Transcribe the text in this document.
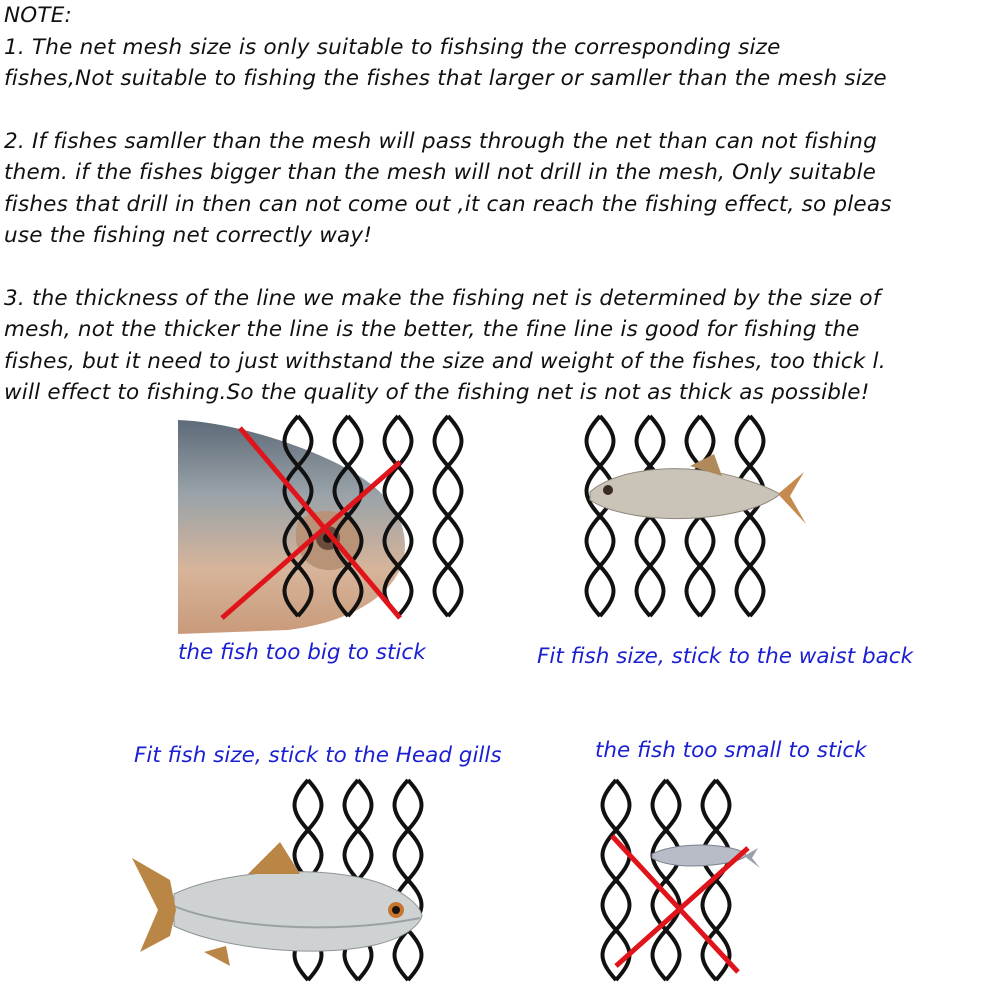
NOTE:
1. The net mesh size is only suitable to fishsing the corresponding size
fishes,Not suitable to fishing the fishes that larger or samller than the mesh size
2. If fishes samller than the mesh will pass through the net than can not fishing
them. if the fishes bigger than the mesh will not drill in the mesh, Only suitable
fishes that drill in then can not come out ,it can reach the fishing effect, so pleas
use the fishing net correctly way!
3. the thickness of the line we make the fishing net is determined by the size of
mesh, not the thicker the line is the better, the fine line is good for fishing the
fishes, but it need to just withstand the size and weight of the fishes, too thick l.
will effect to fishing.So the quality of the fishing net is not as thick as possible!
the fish too big to stick	Fit fish size, stick to the waist back
Fit fish size, stick to the Head gills	the fish too small to stick
